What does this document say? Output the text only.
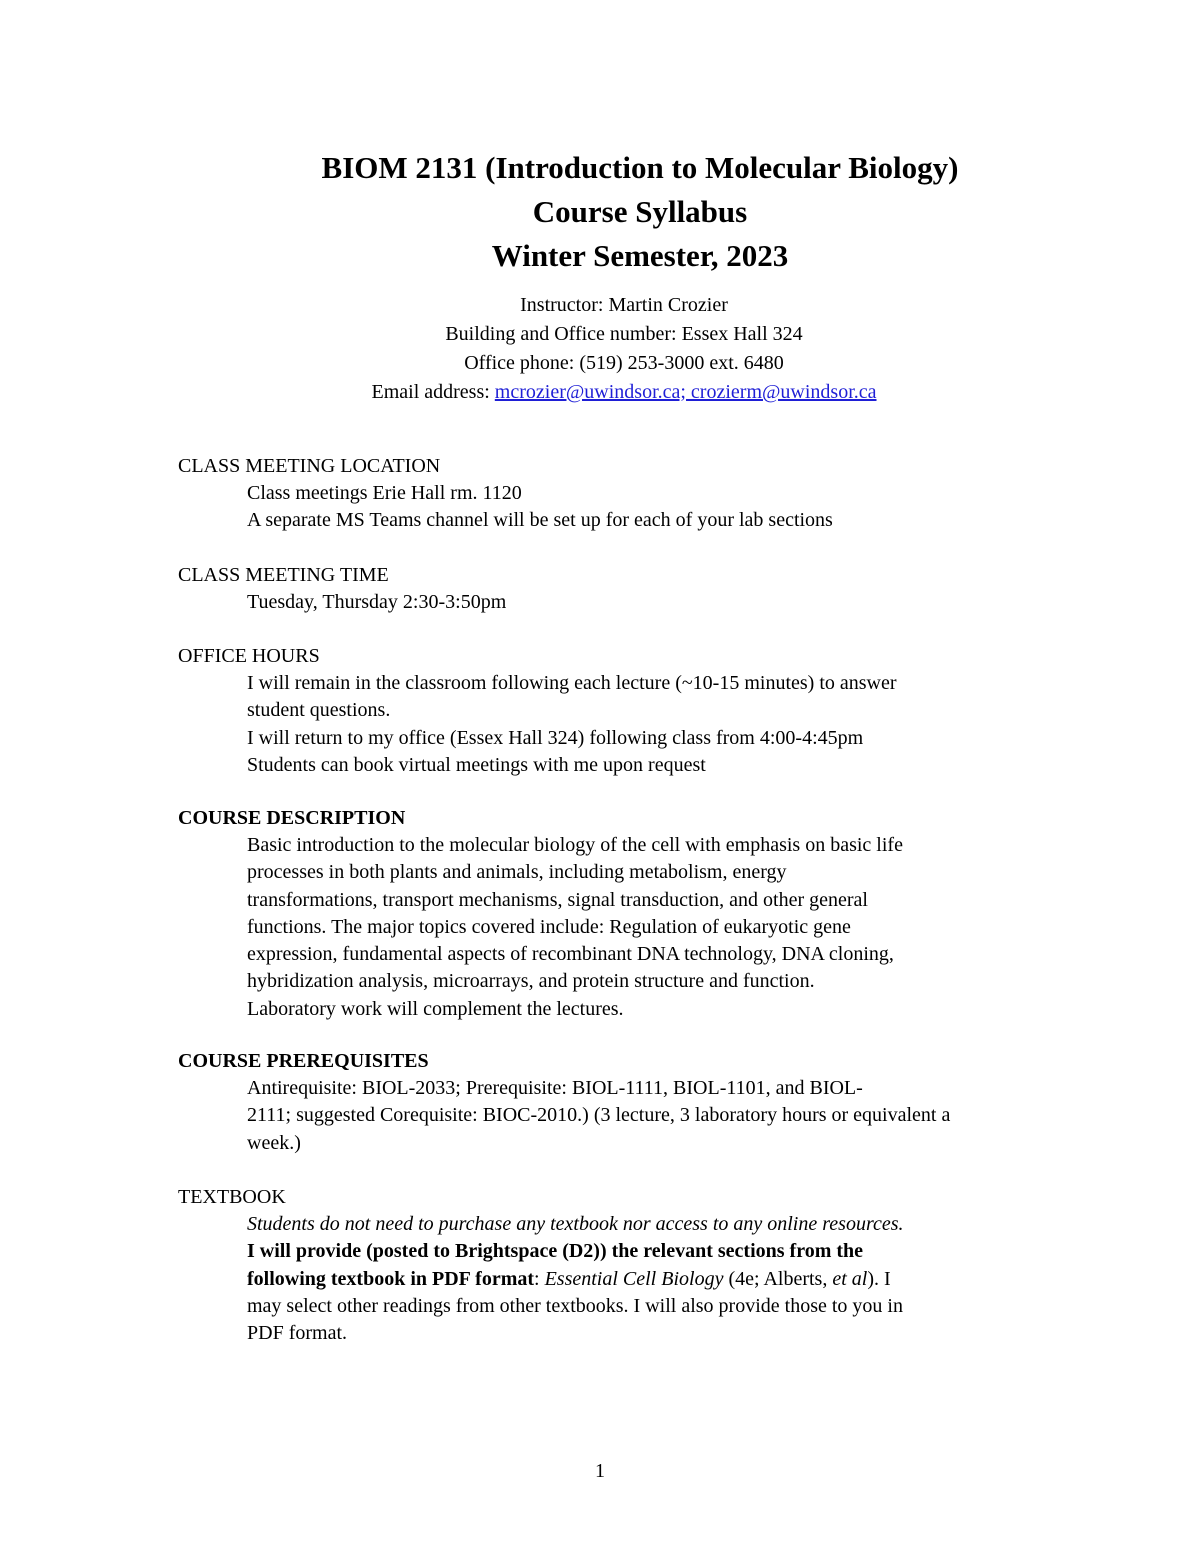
BIOM 2131 (Introduction to Molecular Biology)
Course Syllabus
Winter Semester, 2023
Instructor: Martin Crozier
Building and Office number: Essex Hall 324
Office phone: (519) 253-3000 ext. 6480
Email address: mcrozier@uwindsor.ca; crozierm@uwindsor.ca
CLASS MEETING LOCATION
Class meetings Erie Hall rm. 1120
A separate MS Teams channel will be set up for each of your lab sections
CLASS MEETING TIME
Tuesday, Thursday 2:30-3:50pm
OFFICE HOURS
I will remain in the classroom following each lecture (~10-15 minutes) to answer
student questions.
I will return to my office (Essex Hall 324) following class from 4:00-4:45pm
Students can book virtual meetings with me upon request
COURSE DESCRIPTION
Basic introduction to the molecular biology of the cell with emphasis on basic life
processes in both plants and animals, including metabolism, energy
transformations, transport mechanisms, signal transduction, and other general
functions. The major topics covered include: Regulation of eukaryotic gene
expression, fundamental aspects of recombinant DNA technology, DNA cloning,
hybridization analysis, microarrays, and protein structure and function.
Laboratory work will complement the lectures.
COURSE PREREQUISITES
Antirequisite: BIOL-2033; Prerequisite: BIOL-1111, BIOL-1101, and BIOL-
2111; suggested Corequisite: BIOC-2010.) (3 lecture, 3 laboratory hours or equivalent a
week.)
TEXTBOOK
Students do not need to purchase any textbook nor access to any online resources.
I will provide (posted to Brightspace (D2)) the relevant sections from the
following textbook in PDF format: Essential Cell Biology (4e; Alberts, et al). I
may select other readings from other textbooks. I will also provide those to you in
PDF format.
1
